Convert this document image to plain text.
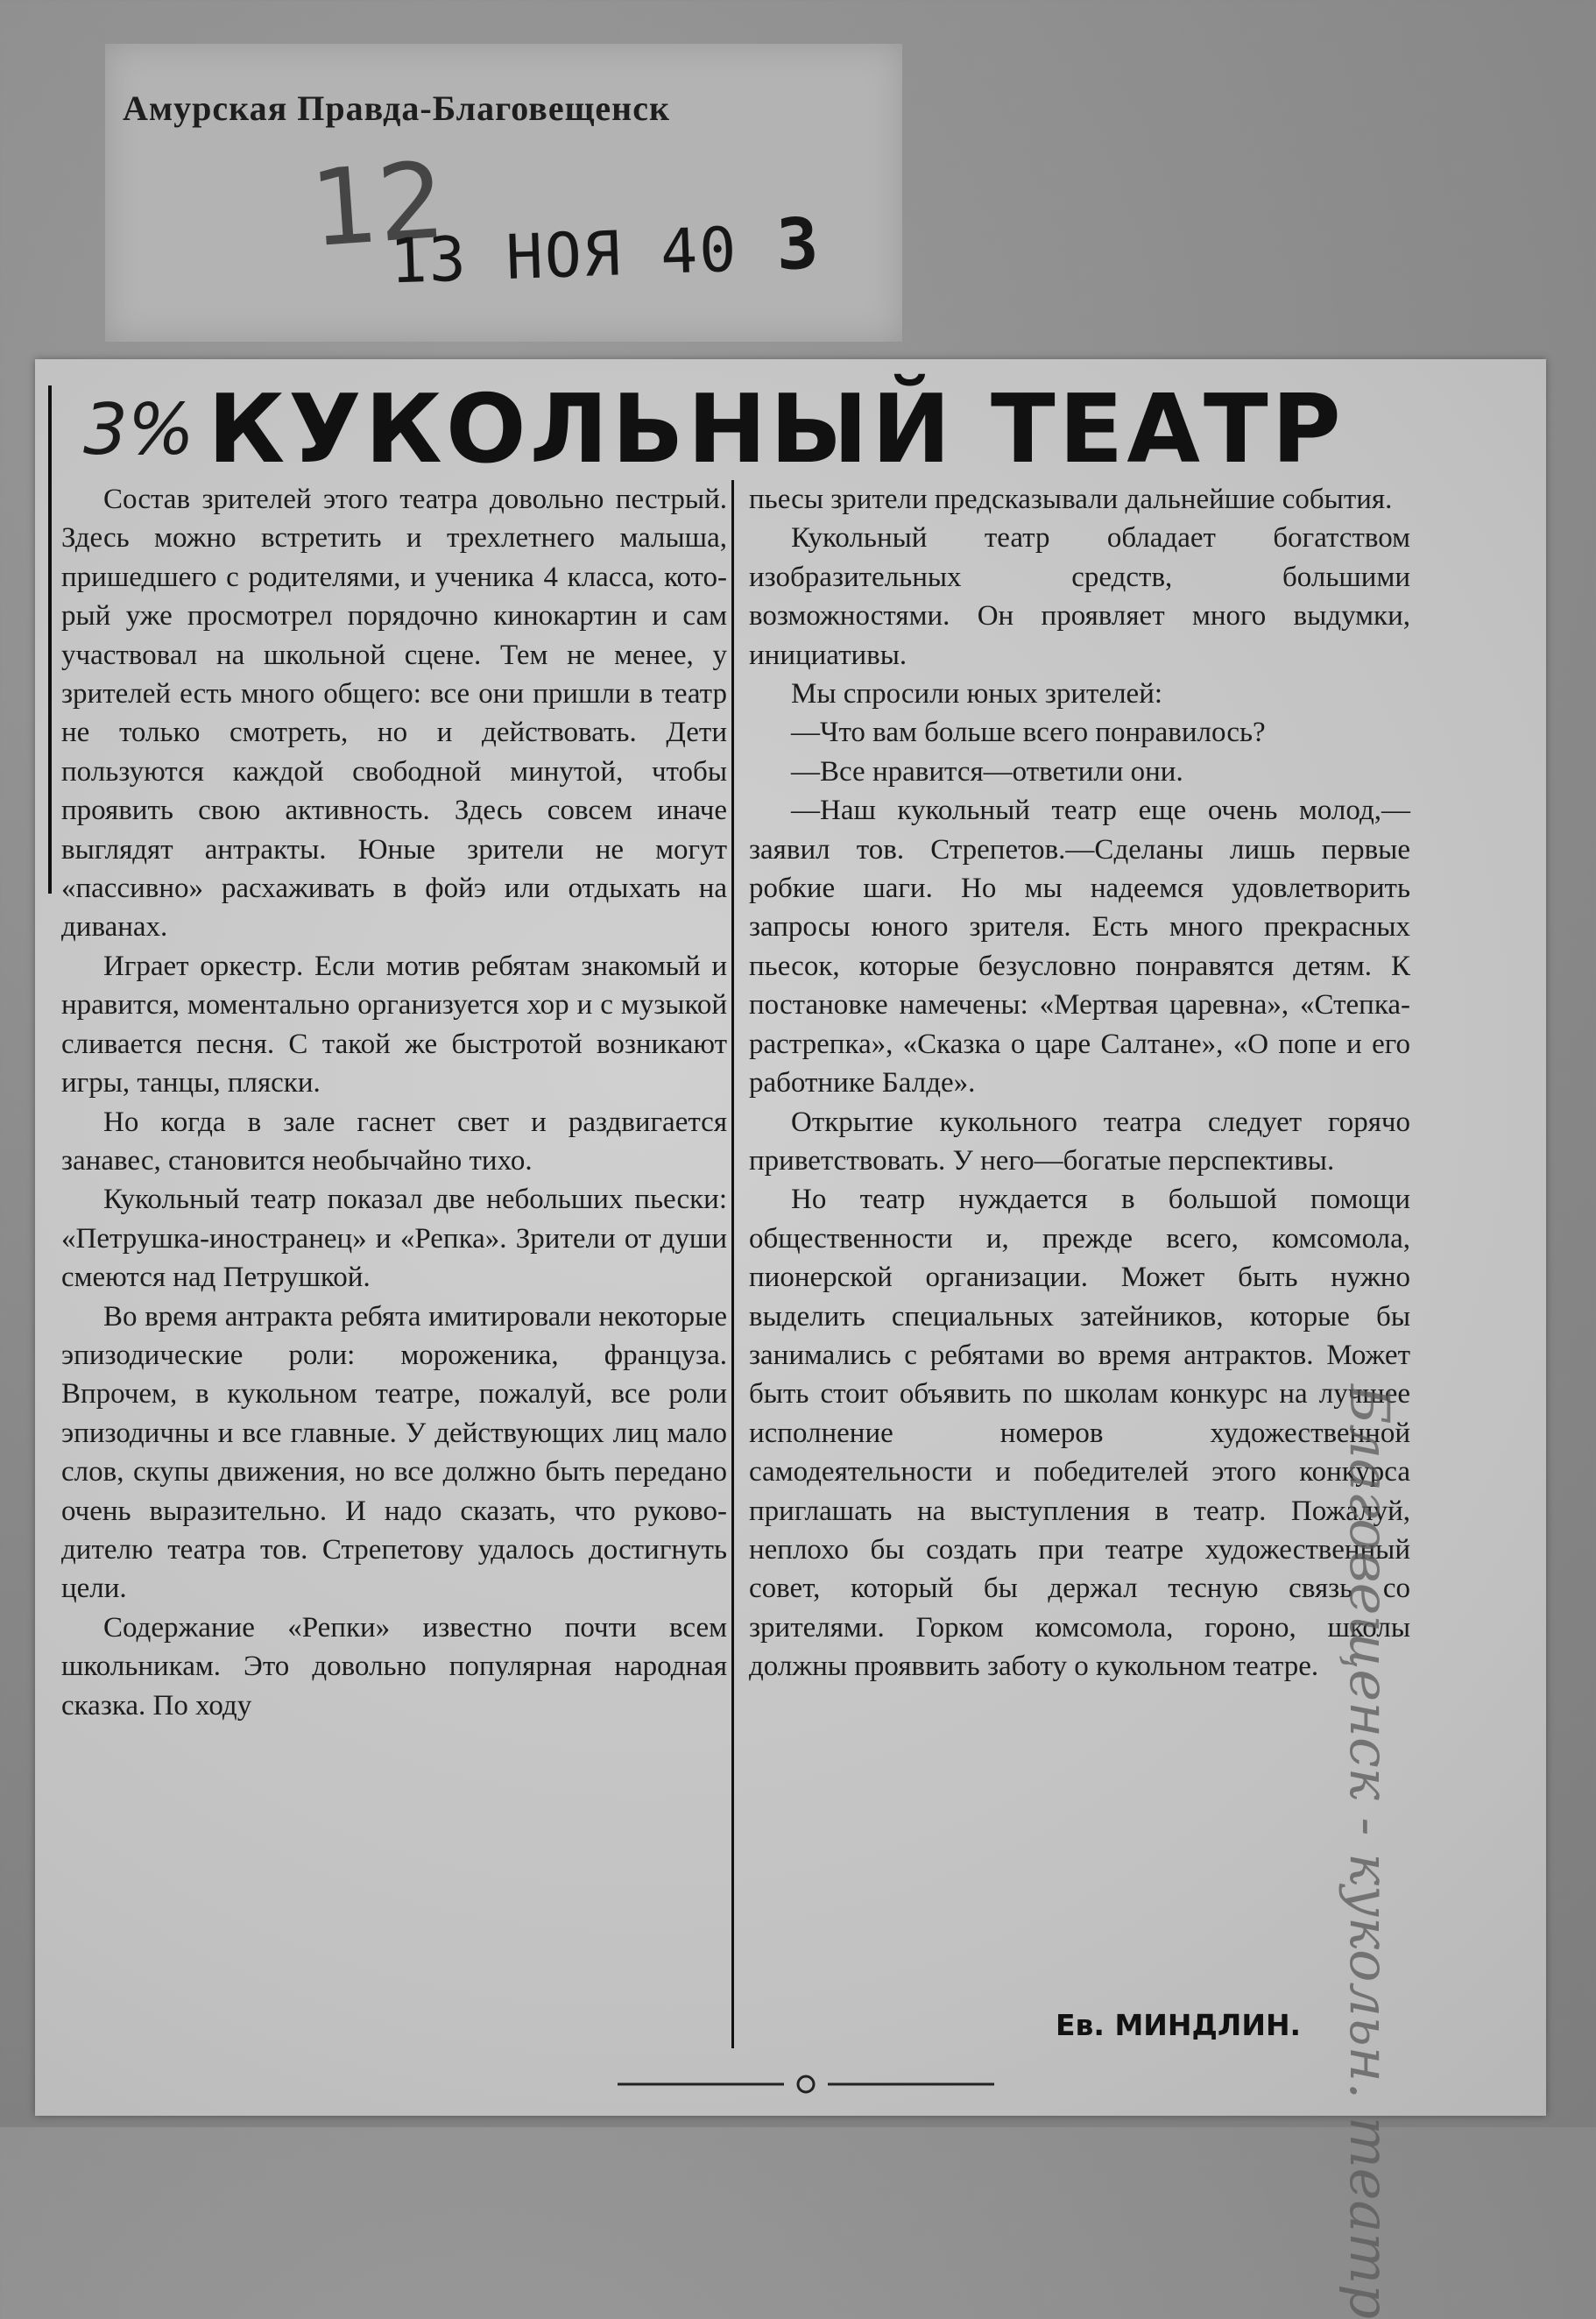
Амурская Правда-Благовещенск
12
13 НОЯ 40 3
3% КУКОЛЬНЫЙ ТЕАТР

Состав зрителей этого театра довольно пестрый. Здесь можно встретить и трехлетнего малыша, пришедшего с родителями, и ученика 4 класса, который уже просмотрел порядочно кинокартин и сам участвовал на школьной сцене. Тем не менее, у зрителей есть много общего: все они пришли в театр не только смотреть, но и действовать. Дети пользуются каждой свободной минутой, чтобы проявить свою активность. Здесь совсем иначе выглядят антракты. Юные зрители не могут «пассивно» расхаживать в фойэ или отдыхать на диванах.

Играет оркестр. Если мотив ребятам знакомый и нравится, моментально организуется хор и с музыкой сливается песня. С такой же быстротой возникают игры, танцы, пляски.

Но когда в зале гаснет свет и раздвигается занавес, становится необычайно тихо.

Кукольный театр показал две небольших пьески: «Петрушка-иностранец» и «Репка». Зрители от души смеются над Петрушкой.

Во время антракта ребята имитировали некоторые эпизодические роли: мороженика, француза. Впрочем, в кукольном театре, пожалуй, все роли эпизодичны и все главные. У действующих лиц мало слов, скупы движения, но все должно быть передано очень выразительно. И надо сказать, что руководителю театра тов. Стрепетову удалось достигнуть цели.

Содержание «Репки» известно почти всем школьникам. Это довольно популярная народная сказка. По ходу

пьесы зрители предсказывали дальнейшие события.

Кукольный театр обладает богатством изобразительных средств, большими возможностями. Он проявляет много выдумки, инициативы.

Мы спросили юных зрителей:

—Что вам больше всего понравилось?

—Все нравится—ответили они.

—Наш кукольный театр еще очень молод,—заявил тов. Стрепетов.—Сделаны лишь первые робкие шаги. Но мы надеемся удовлетворить запросы юного зрителя. Есть много прекрасных пьесок, которые безусловно понравятся детям. К постановке намечены: «Мертвая царевна», «Степка-растрепка», «Сказка о царе Салтане», «О попе и его работнике Балде».

Открытие кукольного театра следует горячо приветствовать. У него—богатые перспективы.

Но театр нуждается в большой помощи общественности и, прежде всего, комсомола, пионерской организации. Может быть нужно выделить специальных затейников, которые бы занимались с ребятами во время антрактов. Может быть стоит объявить по школам конкурс на лучшее исполнение номеров художественной самодеятельности и победителей этого конкурса приглашать на выступления в театр. Пожалуй, неплохо бы создать при театре художественный совет, который бы держал тесную связь со зрителями. Горком комсомола, гороно, школы должны прояввить заботу о кукольном театре.

Ев. МИНДЛИН. Благовещенск - кукольн. театр
